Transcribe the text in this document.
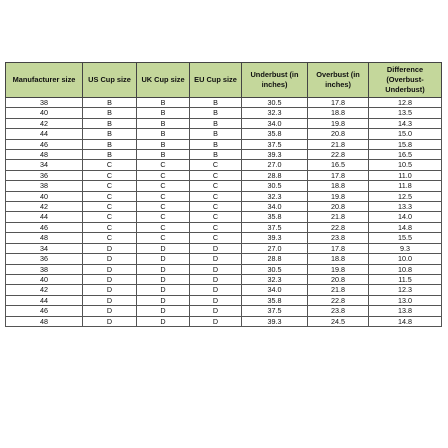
Manufacturer size	US Cup size	UK Cup size	EU Cup size	Underbust (in inches)	Overbust (in inches)	Difference (Overbust- Underbust)
38	B	B	B	30.5	17.8	12.8
40	B	B	B	32.3	18.8	13.5
42	B	B	B	34.0	19.8	14.3
44	B	B	B	35.8	20.8	15.0
46	B	B	B	37.5	21.8	15.8
48	B	B	B	39.3	22.8	16.5
34	C	C	C	27.0	16.5	10.5
36	C	C	C	28.8	17.8	11.0
38	C	C	C	30.5	18.8	11.8
40	C	C	C	32.3	19.8	12.5
42	C	C	C	34.0	20.8	13.3
44	C	C	C	35.8	21.8	14.0
46	C	C	C	37.5	22.8	14.8
48	C	C	C	39.3	23.8	15.5
34	D	D	D	27.0	17.8	9.3
36	D	D	D	28.8	18.8	10.0
38	D	D	D	30.5	19.8	10.8
40	D	D	D	32.3	20.8	11.5
42	D	D	D	34.0	21.8	12.3
44	D	D	D	35.8	22.8	13.0
46	D	D	D	37.5	23.8	13.8
48	D	D	D	39.3	24.5	14.8
